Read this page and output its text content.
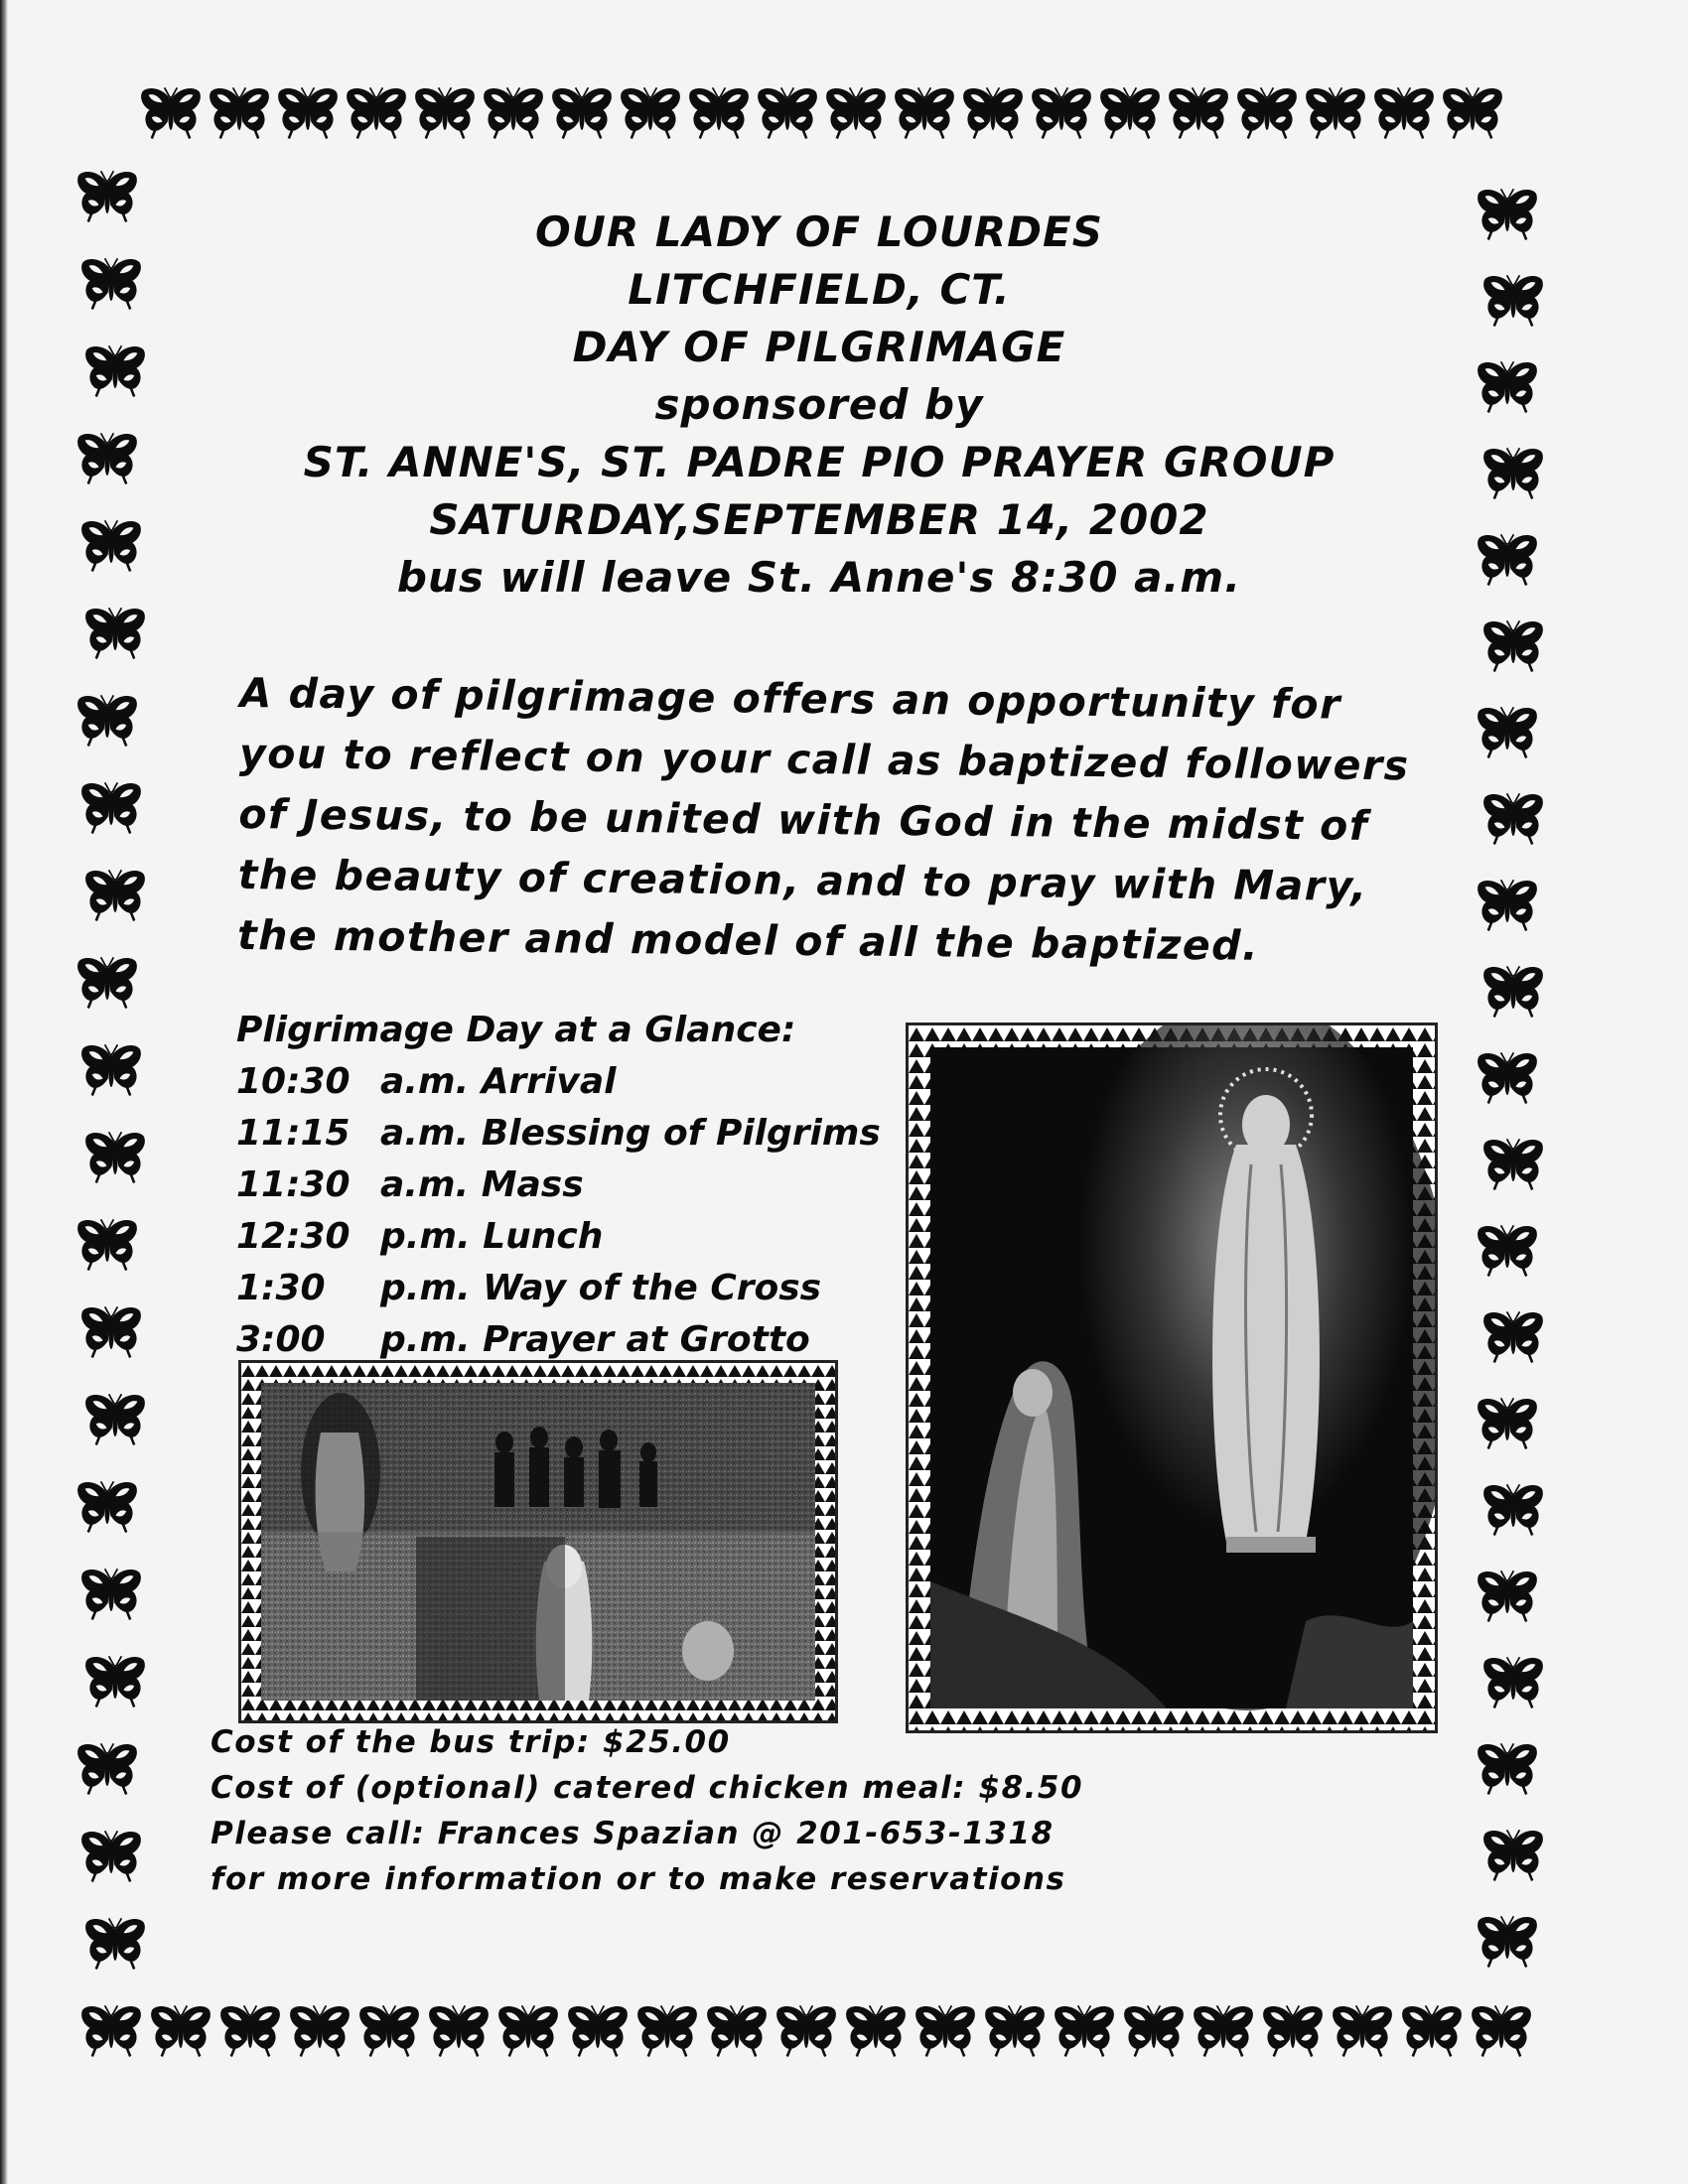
OUR LADY OF LOURDES
LITCHFIELD, CT.
DAY OF PILGRIMAGE
sponsored by
ST. ANNE'S, ST. PADRE PIO PRAYER GROUP
SATURDAY,SEPTEMBER 14, 2002
bus will leave St. Anne's 8:30 a.m.
A day of pilgrimage offers an opportunity for
you to reflect on your call as baptized followers
of Jesus, to be united with God in the midst of
the beauty of creation, and to pray with Mary,
the mother and model of all the baptized.
Pligrimage Day at a Glance:
10:30 a.m. Arrival
11:15 a.m. Blessing of Pilgrims
11:30 a.m. Mass
12:30 p.m. Lunch
1:30	p.m. Way of the Cross
3:00	p.m. Prayer at Grotto
Cost of the bus trip: $25.00
Cost of (optional) catered chicken meal: $8.50
Please call: Frances Spazian @ 201-653-1318
for more information or to make reservations
